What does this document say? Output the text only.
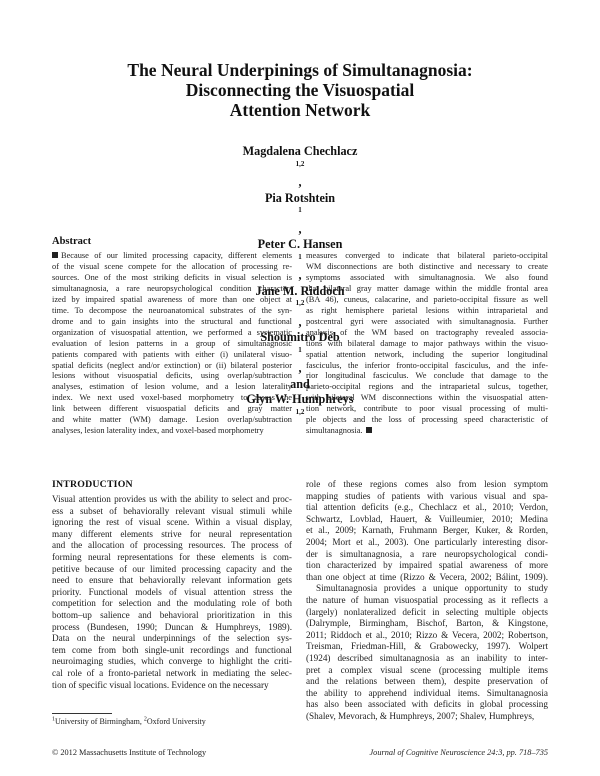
The Neural Underpinings of Simultanagnosia:
Disconnecting the Visuospatial
Attention Network
Magdalena Chechlacz
$^{1,2}$
,
Pia Rotshtein
$^1$
,
Peter C. Hansen
$^1$
,
Jane M. Riddoch
$^{1,2}$
,
Shoumitro Deb
$^1$
,
and
Glyn W. Humphreys
$^{1,2}$
Abstract
Because of our limited processing capacity, different elements
of the visual scene compete for the allocation of processing re-
sources. One of the most striking deficits in visual selection is
simultanagnosia, a rare neuropsychological condition character-
ized by impaired spatial awareness of more than one object at
time. To decompose the neuroanatomical substrates of the syn-
drome and to gain insights into the structural and functional
organization of visuospatial attention, we performed a systematic
evaluation of lesion patterns in a group of simultanagnosic
patients compared with patients with either (i) unilateral visuo-
spatial deficits (neglect and/or extinction) or (ii) bilateral posterior
lesions without visuospatial deficits, using overlap/subtraction
analyses, estimation of lesion volume, and a lesion laterality
index. We next used voxel-based morphometry to assess the
link between different visuospatial deficits and gray matter
and white matter (WM) damage. Lesion overlap/subtraction
analyses, lesion laterality index, and voxel-based morphometry
measures converged to indicate that bilateral parieto-occipital
WM disconnections are both distinctive and necessary to create
symptoms associated with simultanagnosia. We also found
that bilateral gray matter damage within the middle frontal area
(BA 46), cuneus, calacarine, and parieto-occipital fissure as well
as right hemisphere parietal lesions within intraparietal and
postcentral gyri were associated with simultanagnosia. Further
analysis of the WM based on tractography revealed associa-
tions with bilateral damage to major pathways within the visuo-
spatial attention network, including the superior longitudinal
fasciculus, the inferior fronto-occipital fasciculus, and the infe-
rior longitudinal fasciculus. We conclude that damage to the
parieto-occipital regions and the intraparietal sulcus, together,
with bilateral WM disconnections within the visuospatial atten-
tion network, contribute to poor visual processing of multi-
ple objects and the loss of processing speed characteristic of
simultanagnosia.
INTRODUCTION
Visual attention provides us with the ability to select and proc-
ess a subset of behaviorally relevant visual stimuli while
ignoring the rest of visual scene. Within a visual display,
many different elements strive for neural representation
and the allocation of processing resources. The process of
forming neural representations for these elements is com-
petitive because of our limited processing capacity and the
need to ensure that behaviorally relevant information gets
priority. Functional models of visual attention stress the
competition for selection and the modulating role of both
bottom–up salience and behavioral prioritization in this
process (Bundesen, 1990; Duncan & Humphreys, 1989).
Data on the neural underpinnings of the selection sys-
tem come from both single-unit recordings and functional
neuroimaging studies, which converge to highlight the criti-
cal role of a fronto-parietal network in mediating the selec-
tion of specific visual locations. Evidence on the necessary
role of these regions comes also from lesion symptom
mapping studies of patients with various visual and spa-
tial attention deficits (e.g., Chechlacz et al., 2010; Verdon,
Schwartz, Lovblad, Hauert, & Vuilleumier, 2010; Medina
et al., 2009; Karnath, Fruhmann Berger, Kuker, & Rorden,
2004; Mort et al., 2003). One particularly interesting disor-
der is simultanagnosia, a rare neuropsychological condi-
tion characterized by impaired spatial awareness of more
than one object at time (Rizzo & Vecera, 2002; Bálint, 1909).
Simultanagnosia provides a unique opportunity to study
the nature of human visuospatial processing as it reflects a
(largely) nonlateralized deficit in selecting multiple objects
(Dalrymple, Birmingham, Bischof, Barton, & Kingstone,
2011; Riddoch et al., 2010; Rizzo & Vecera, 2002; Robertson,
Treisman, Friedman-Hill, & Grabowecky, 1997). Wolpert
(1924) described simultanagnosia as an inability to inter-
pret a complex visual scene (processing multiple items
and the relations between them), despite preservation of
the ability to apprehend individual items. Simultanagnosia
has also been associated with deficits in global processing
(Shalev, Mevorach, & Humphreys, 2007; Shalev, Humphreys,
$^1$University of Birmingham, $^2$Oxford University
© 2012 Massachusetts Institute of Technology	Journal of Cognitive Neuroscience 24:3, pp. 718–735
